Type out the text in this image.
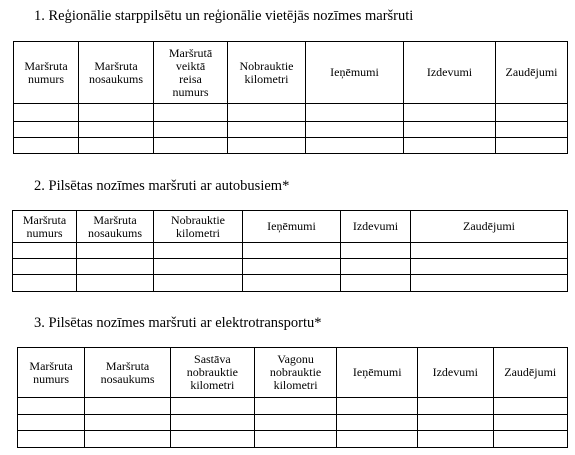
1. Reģionālie starppilsētu un reģionālie vietējās nozīmes maršruti
Maršruta
numurs	Maršruta
nosaukums	Maršrutā
veiktā
reisa
numurs	Nobrauktie
kilometri	Ieņēmumi	Izdevumi	Zaudējumi

2. Pilsētas nozīmes maršruti ar autobusiem*
Maršruta
numurs	Maršruta
nosaukums	Nobrauktie
kilometri	Ieņēmumi	Izdevumi	Zaudējumi

3. Pilsētas nozīmes maršruti ar elektrotransportu*
Maršruta
numurs	Maršruta
nosaukums	Sastāva
nobrauktie
kilometri	Vagonu
nobrauktie
kilometri	Ieņēmumi	Izdevumi	Zaudējumi
